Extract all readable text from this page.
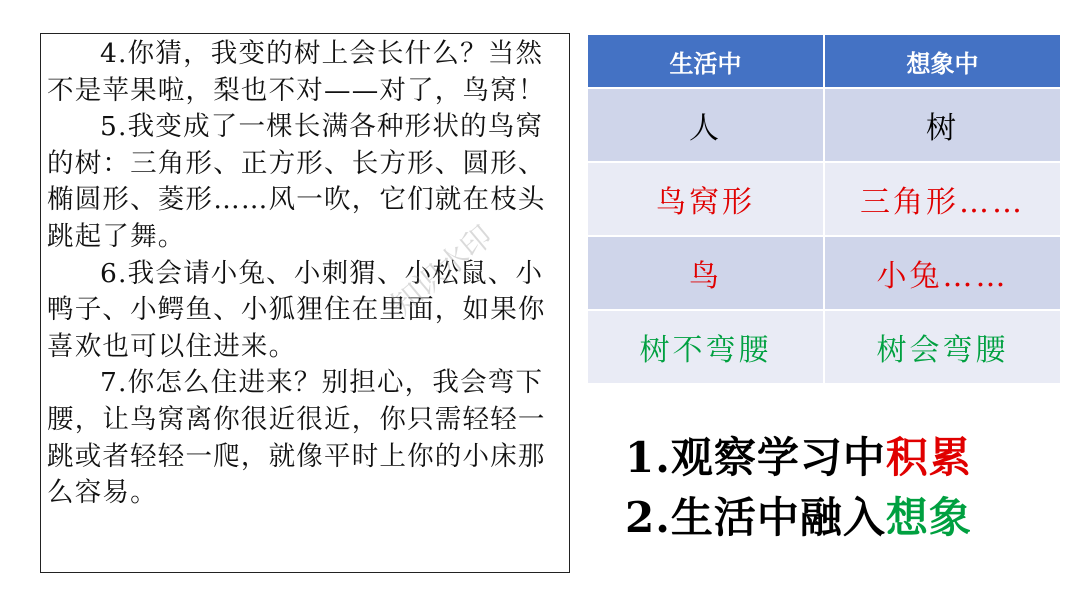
4.你猜，我变的树上会长什么？当然不是苹果啦，梨也不对——对了，鸟窝！

5.我变成了一棵长满各种形状的鸟窝的树：三角形、正方形、长方形、圆形、椭圆形、菱形……风一吹，它们就在枝头跳起了舞。

6.我会请小兔、小刺猬、小松鼠、小鸭子、小鳄鱼、小狐狸住在里面，如果你喜欢也可以住进来。

7.你怎么住进来？别担心，我会弯下腰，让鸟窝离你很近很近，你只需轻轻一跳或者轻轻一爬，就像平时上你的小床那么容易。

知识水印
生活中	想象中
人	树
鸟窝形	三角形……
鸟	小兔……
树不弯腰	树会弯腰
1.观察学习中积累
2.生活中融入想象
